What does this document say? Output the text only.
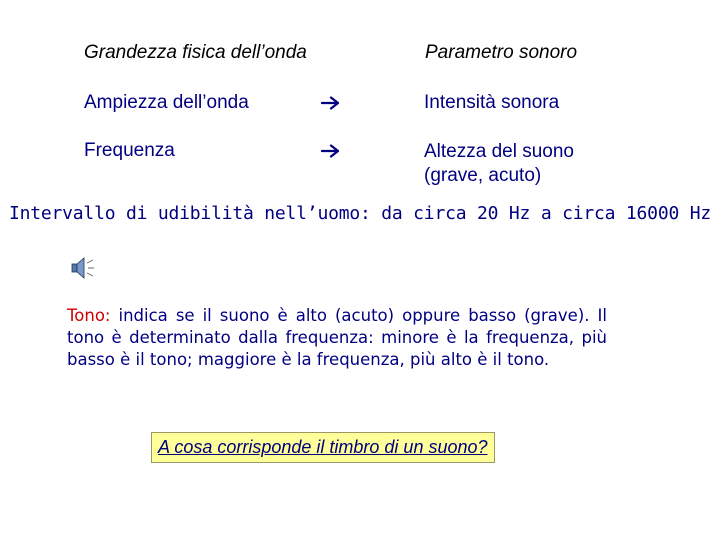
Grandezza fisica dell’onda	Parametro sonoro
Ampiezza dell’onda	Intensità sonora
Frequenza	Altezza del suono
(grave, acuto)
Intervallo di udibilità nell’uomo: da circa 20 Hz a circa 16000 Hz
Tono: indica se il suono è alto (acuto) oppure basso (grave). Il tono è determinato dalla frequenza: minore è la frequenza, più basso è il tono; maggiore è la frequenza, più alto è il tono.
A cosa corrisponde il timbro di un suono?
